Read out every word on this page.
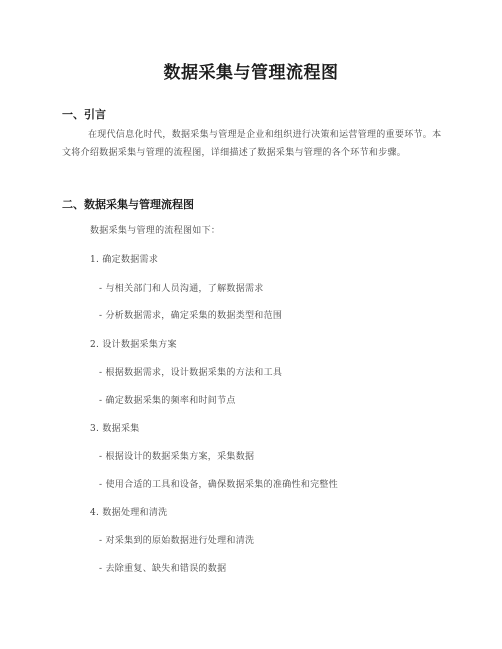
数据采集与管理流程图
一、引言
在现代信息化时代，数据采集与管理是企业和组织进行决策和运营管理的重要环节。本文将介绍数据采集与管理的流程图，详细描述了数据采集与管理的各个环节和步骤。
二、数据采集与管理流程图
数据采集与管理的流程图如下：
1. 确定数据需求
- 与相关部门和人员沟通，了解数据需求
- 分析数据需求，确定采集的数据类型和范围
2. 设计数据采集方案
- 根据数据需求，设计数据采集的方法和工具
- 确定数据采集的频率和时间节点
3. 数据采集
- 根据设计的数据采集方案，采集数据
- 使用合适的工具和设备，确保数据采集的准确性和完整性
4. 数据处理和清洗
- 对采集到的原始数据进行处理和清洗
- 去除重复、缺失和错误的数据
